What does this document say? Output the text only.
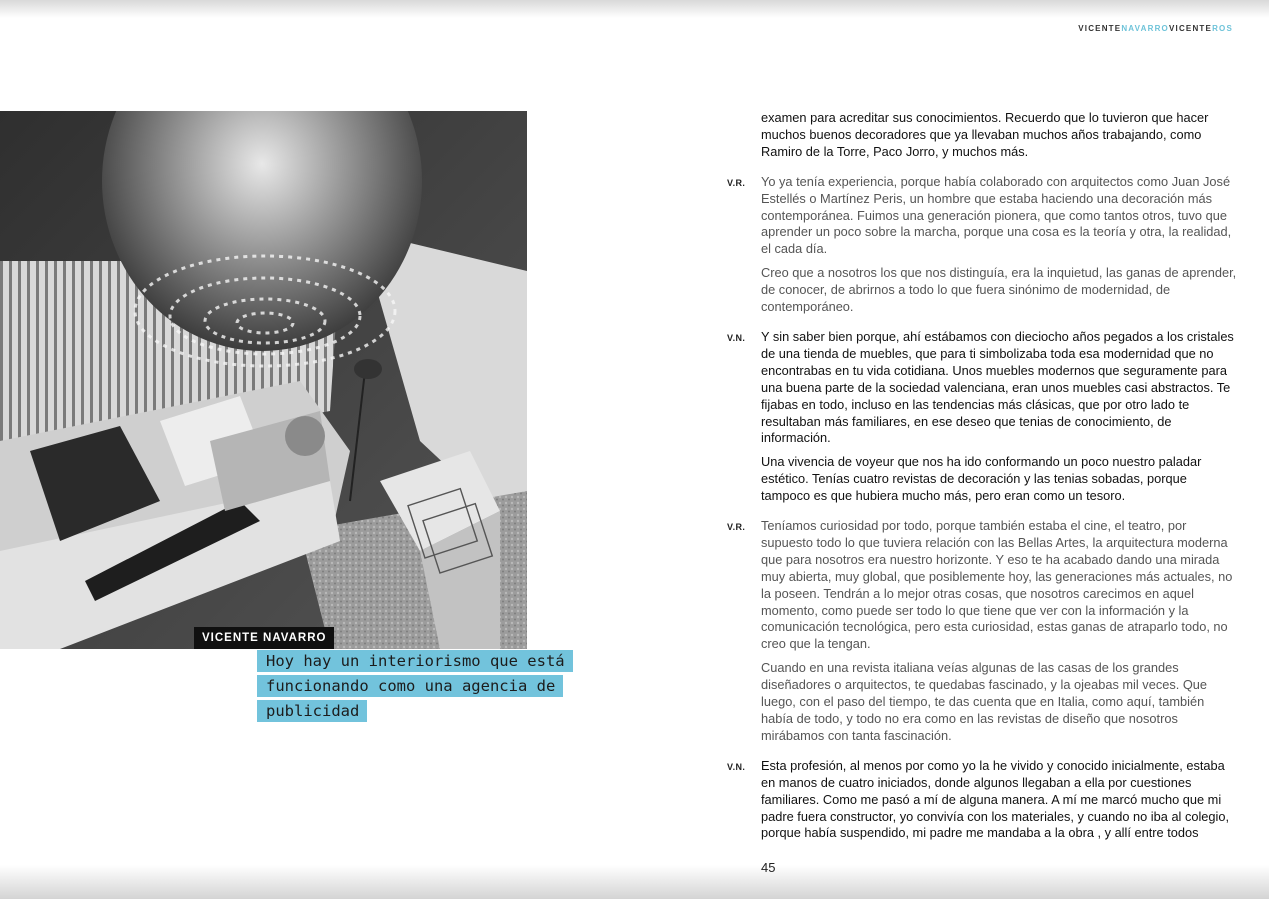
VICENTENAVARROVICENTEROS
VICENTE NAVARRO
Hoy hay un interiorismo que está funcionando como una agencia de publicidad
examen para acreditar sus conocimientos. Recuerdo que lo tuvieron que hacer muchos buenos decoradores que ya llevaban muchos años trabajando, como Ramiro de la Torre, Paco Jorro, y muchos más.
V.R. Yo ya tenía experiencia, porque había colaborado con arquitectos como Juan José Estellés o Martínez Peris, un hombre que estaba haciendo una decoración más contemporánea. Fuimos una generación pionera, que como tantos otros, tuvo que aprender un poco sobre la marcha, porque una cosa es la teoría y otra, la realidad, el cada día.
Creo que a nosotros los que nos distinguía, era la inquietud, las ganas de aprender, de conocer, de abrirnos a todo lo que fuera sinónimo de modernidad, de contemporáneo.
V.N. Y sin saber bien porque, ahí estábamos con dieciocho años pegados a los cristales de una tienda de muebles, que para ti simbolizaba toda esa modernidad que no encontrabas en tu vida cotidiana. Unos muebles modernos que seguramente para una buena parte de la sociedad valenciana, eran unos muebles casi abstractos. Te fijabas en todo, incluso en las tendencias más clásicas, que por otro lado te resultaban más familiares, en ese deseo que tenias de conocimiento, de información.
Una vivencia de voyeur que nos ha ido conformando un poco nuestro paladar estético. Tenías cuatro revistas de decoración y las tenias sobadas, porque tampoco es que hubiera mucho más, pero eran como un tesoro.
V.R. Teníamos curiosidad por todo, porque también estaba el cine, el teatro, por supuesto todo lo que tuviera relación con las Bellas Artes, la arquitectura moderna que para nosotros era nuestro horizonte. Y eso te ha acabado dando una mirada muy abierta, muy global, que posiblemente hoy, las generaciones más actuales, no la poseen. Tendrán a lo mejor otras cosas, que nosotros carecimos en aquel momento, como puede ser todo lo que tiene que ver con la información y la comunicación tecnológica, pero esta curiosidad, estas ganas de atraparlo todo, no creo que la tengan.
Cuando en una revista italiana veías algunas de las casas de los grandes diseñadores o arquitectos, te quedabas fascinado, y la ojeabas mil veces. Que luego, con el paso del tiempo, te das cuenta que en Italia, como aquí, también había de todo, y todo no era como en las revistas de diseño que nosotros mirábamos con tanta fascinación.
V.N. Esta profesión, al menos por como yo la he vivido y conocido inicialmente, estaba en manos de cuatro iniciados, donde algunos llegaban a ella por cuestiones familiares. Como me pasó a mí de alguna manera. A mí me marcó mucho que mi padre fuera constructor, yo convivía con los materiales, y cuando no iba al colegio, porque había suspendido, mi padre me mandaba a la obra , y allí entre todos
45
